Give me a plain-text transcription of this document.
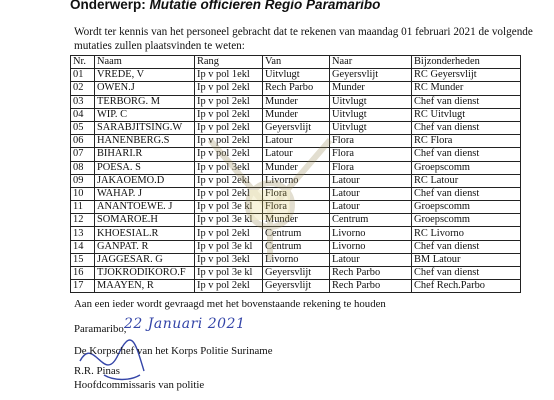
Onderwerp: Mutatie officieren Regio Paramaribo
Wordt ter kennis van het personeel gebracht dat te rekenen van maandag 01 februari 2021 de volgende mutaties zullen plaatsvinden te weten:
Nr.	Naam	Rang	Van	Naar	Bijzonderheden
01	VREDE, V	Ip v pol 1ekl	Uitvlugt	Geyersvlijt	RC Geyersvlijt
02	OWEN.J	Ip v pol 2ekl	Rech Parbo	Munder	RC Munder
03	TERBORG. M	Ip v pol 2ekl	Munder	Uitvlugt	Chef van dienst
04	WIP. C	Ip v pol 2ekl	Munder	Uitvlugt	RC Uitvlugt
05	SARABJITSING.W	Ip v pol 2ekl	Geyersvlijt	Uitvlugt	Chef van dienst
06	HANENBERG.S	Ip v pol 2ekl	Latour	Flora	RC Flora
07	BIHARI.R	Ip v pol 2ekl	Latour	Flora	Chef van dienst
08	POESA. S	Ip v pol 3ekl	Munder	Flora	Groepscomm
09	JAKAOEMO.D	Ip v pol 2ekl	Livorno	Latour	RC Latour
10	WAHAP. J	Ip v pol 2ekl	Flora	Latour	Chef van dienst
11	ANANTOEWE. J	Ip v pol 3e kl	Flora	Latour	Groepscomm
12	SOMAROE.H	Ip v pol 3e kl	Munder	Centrum	Groepscomm
13	KHOESIAL.R	Ip v pol 2ekl	Centrum	Livorno	RC Livorno
14	GANPAT. R	Ip v pol 3e kl	Centrum	Livorno	Chef van dienst
15	JAGGESAR. G	Ip v pol 3ekl	Livorno	Latour	BM Latour
16	TJOKRODIKORO.F	Ip v pol 3e kl	Geyersvlijt	Rech Parbo	Chef van dienst
17	MAAYEN, R	Ip v pol 2ekl	Geyersvlijt	Rech Parbo	Chef Rech.Parbo
Aan een ieder wordt gevraagd met het bovenstaande rekening te houden
Paramaribo,
22 Januari 2021
De Korpschef van het Korps Politie Suriname
R.R. Pinas
Hoofdcommissaris van politie
